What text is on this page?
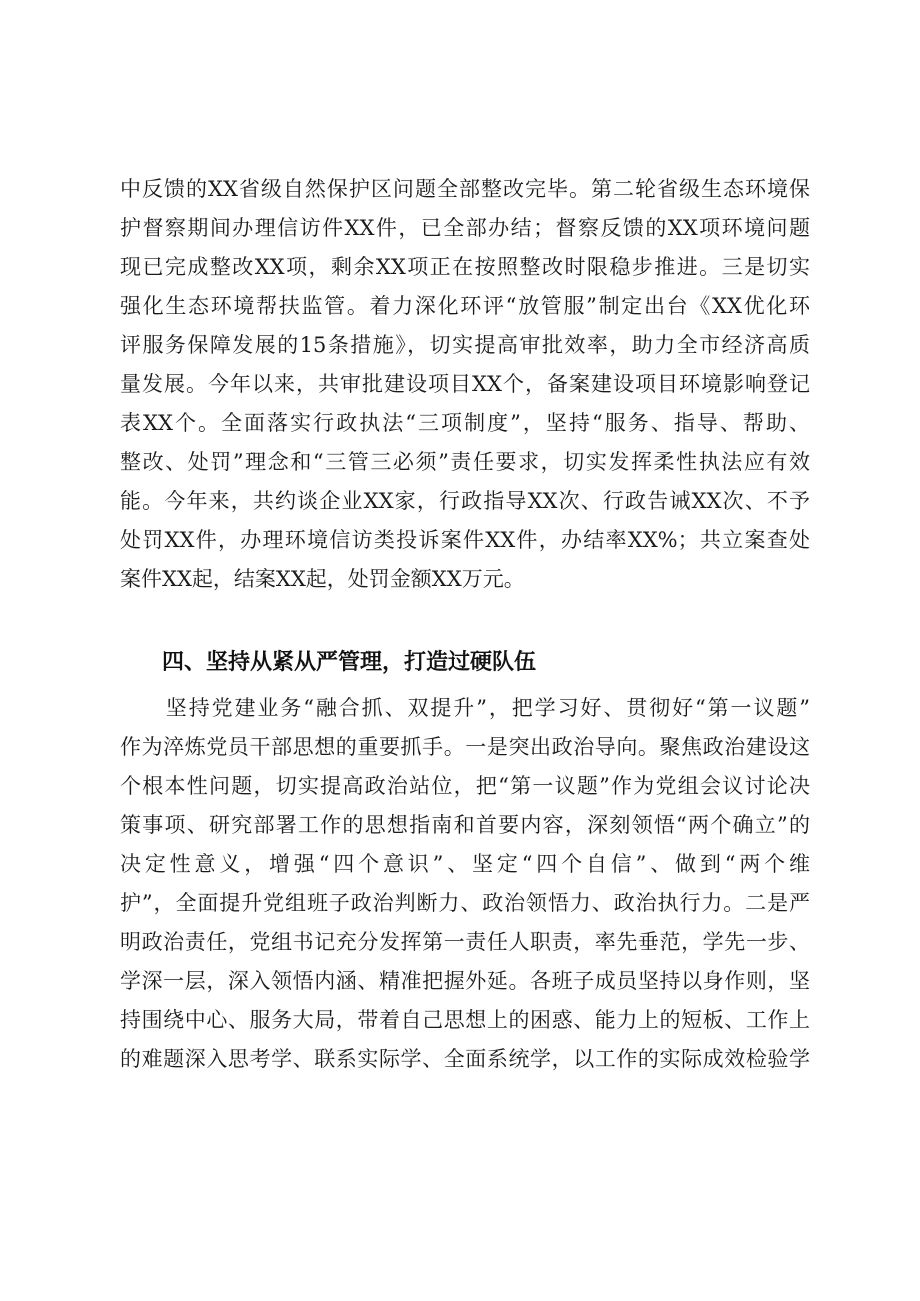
中反馈的XX省级自然保护区问题全部整改完毕。第二轮省级生态环境保
护督察期间办理信访件XX件，已全部办结；督察反馈的XX项环境问题
现已完成整改XX项，剩余XX项正在按照整改时限稳步推进。三是切实
强化生态环境帮扶监管。着力深化环评“放管服”制定出台《XX优化环
评服务保障发展的15条措施》，切实提高审批效率，助力全市经济高质
量发展。今年以来，共审批建设项目XX个，备案建设项目环境影响登记
表XX个。全面落实行政执法“三项制度”，坚持“服务、指导、帮助、
整改、处罚”理念和“三管三必须”责任要求，切实发挥柔性执法应有效
能。今年来，共约谈企业XX家，行政指导XX次、行政告诫XX次、不予
处罚XX件，办理环境信访类投诉案件XX件，办结率XX%；共立案查处
案件XX起，结案XX起，处罚金额XX万元。
四、坚持从紧从严管理，打造过硬队伍
　　坚持党建业务“融合抓、双提升”，把学习好、贯彻好“第一议题”
作为淬炼党员干部思想的重要抓手。一是突出政治导向。聚焦政治建设这
个根本性问题，切实提高政治站位，把“第一议题”作为党组会议讨论决
策事项、研究部署工作的思想指南和首要内容，深刻领悟“两个确立”的
决定性意义，增强“四个意识”、坚定“四个自信”、做到“两个维
护”，全面提升党组班子政治判断力、政治领悟力、政治执行力。二是严
明政治责任，党组书记充分发挥第一责任人职责，率先垂范，学先一步、
学深一层，深入领悟内涵、精准把握外延。各班子成员坚持以身作则，坚
持围绕中心、服务大局，带着自己思想上的困惑、能力上的短板、工作上
的难题深入思考学、联系实际学、全面系统学，以工作的实际成效检验学
